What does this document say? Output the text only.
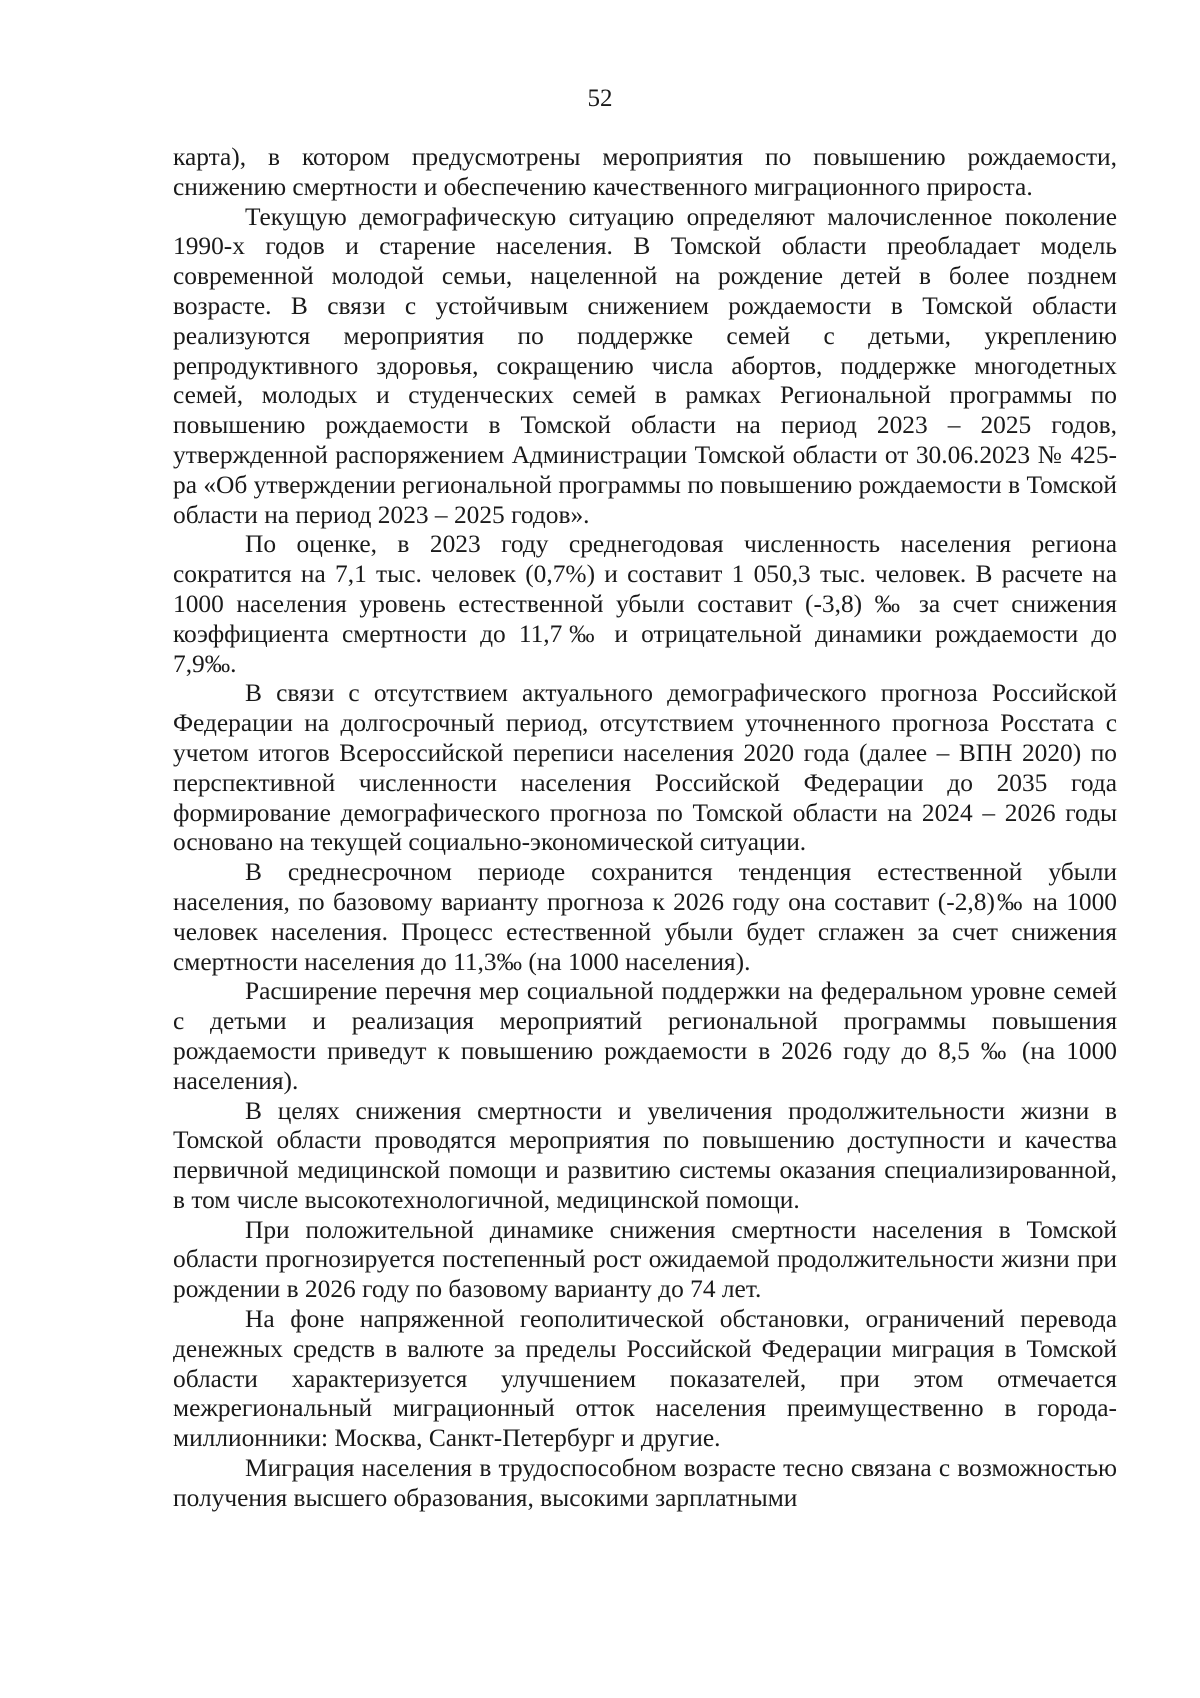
52

карта), в котором предусмотрены мероприятия по повышению рождаемости, снижению смертности и обеспечению качественного миграционного прироста.

Текущую демографическую ситуацию определяют малочисленное поколение 1990-х годов и старение населения. В Томской области преобладает модель современной молодой семьи, нацеленной на рождение детей в более позднем возрасте. В связи с устойчивым снижением рождаемости в Томской области реализуются мероприятия по поддержке семей с детьми, укреплению репродуктивного здоровья, сокращению числа абортов, поддержке многодетных семей, молодых и студенческих семей в рамках Региональной программы по повышению рождаемости в Томской области на период 2023 – 2025 годов, утвержденной распоряжением Администрации Томской области от 30.06.2023 № 425-ра «Об утверждении региональной программы по повышению рождаемости в Томской области на период 2023 – 2025 годов».

По оценке, в 2023 году среднегодовая численность населения региона сократится на 7,1 тыс. человек (0,7%) и составит 1 050,3 тыс. человек. В расчете на 1000 населения уровень естественной убыли составит (-3,8) ‰ за счет снижения коэффициента смертности до 11,7‰ и отрицательной динамики рождаемости до 7,9‰.

В связи с отсутствием актуального демографического прогноза Российской Федерации на долгосрочный период, отсутствием уточненного прогноза Росстата с учетом итогов Всероссийской переписи населения 2020 года (далее – ВПН 2020) по перспективной численности населения Российской Федерации до 2035 года формирование демографического прогноза по Томской области на 2024 – 2026 годы основано на текущей социально-экономической ситуации.

В среднесрочном периоде сохранится тенденция естественной убыли населения, по базовому варианту прогноза к 2026 году она составит (-2,8)‰ на 1000 человек населения. Процесс естественной убыли будет сглажен за счет снижения смертности населения до 11,3‰ (на 1000 населения).

Расширение перечня мер социальной поддержки на федеральном уровне семей с детьми и реализация мероприятий региональной программы повышения рождаемости приведут к повышению рождаемости в 2026 году до 8,5 ‰ (на 1000 населения).

В целях снижения смертности и увеличения продолжительности жизни в Томской области проводятся мероприятия по повышению доступности и качества первичной медицинской помощи и развитию системы оказания специализированной, в том числе высокотехнологичной, медицинской помощи.

При положительной динамике снижения смертности населения в Томской области прогнозируется постепенный рост ожидаемой продолжительности жизни при рождении в 2026 году по базовому варианту до 74 лет.

На фоне напряженной геополитической обстановки, ограничений перевода денежных средств в валюте за пределы Российской Федерации миграция в Томской области характеризуется улучшением показателей, при этом отмечается межрегиональный миграционный отток населения преимущественно в города-миллионники: Москва, Санкт-Петербург и другие.

Миграция населения в трудоспособном возрасте тесно связана с возможностью получения высшего образования, высокими зарплатными
